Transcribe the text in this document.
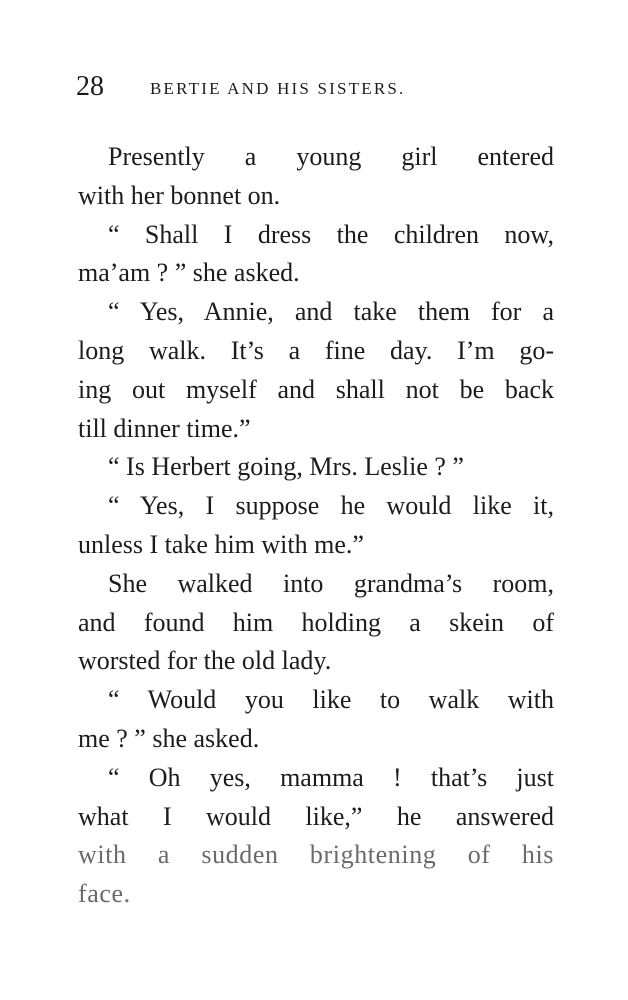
28	BERTIE AND HIS SISTERS.
Presently a young girl entered
with her bonnet on.
“ Shall I dress the children now,
ma’am ? ” she asked.
“ Yes, Annie, and take them for a
long walk. It’s a fine day. I’m go-
ing out myself and shall not be back
till dinner time.”
“ Is Herbert going, Mrs. Leslie ? ”
“ Yes, I suppose he would like it,
unless I take him with me.”
She walked into grandma’s room,
and found him holding a skein of
worsted for the old lady.
“ Would you like to walk with
me ? ” she asked.
“ Oh yes, mamma ! that’s just
what I would like,” he answered
with a sudden brightening of his
face.
